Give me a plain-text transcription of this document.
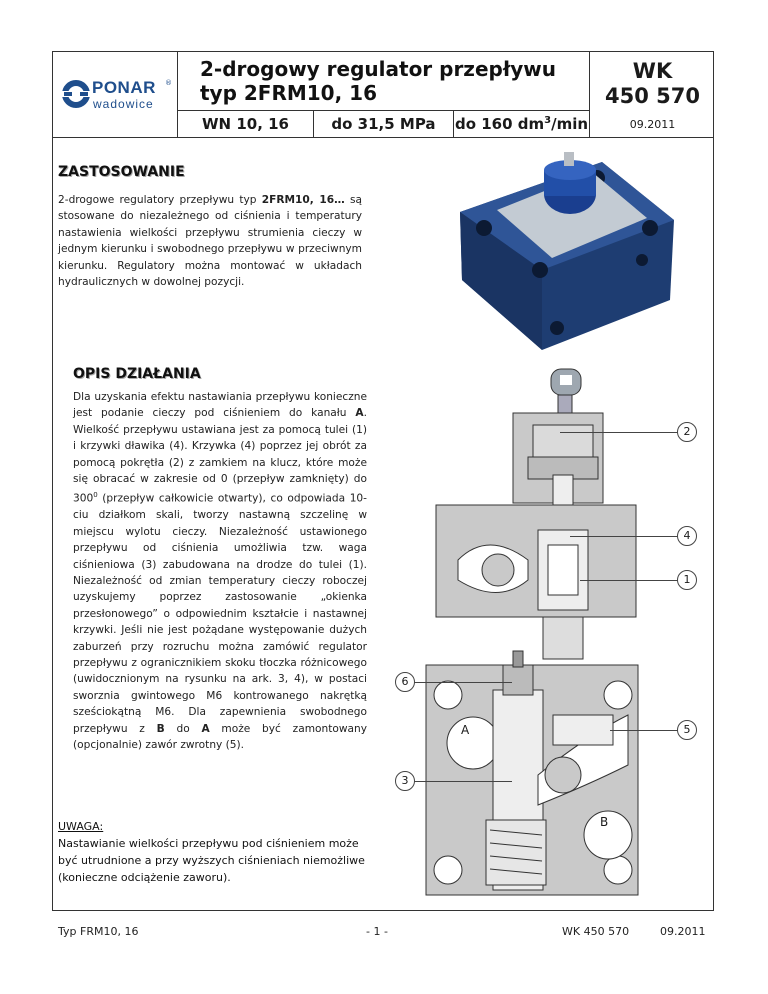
PONAR ®
wadowice
2-drogowy regulator przepływu
typ 2FRM10, 16
WK
450 570
09.2011
WN 10, 16	do 31,5 MPa	do 160 $dm^3/\min$
ZASTOSOWANIE
2-drogowe regulatory przepływu typ 2FRM10, 16… są stosowane do niezależnego od ciśnienia i temperatury nastawienia wielkości przepływu strumienia cieczy w jednym kierunku i swobodnego przepływu w przeciwnym kierunku. Regulatory można montować w układach hydraulicznych w dowolnej pozycji.
OPIS DZIAŁANIA
Dla uzyskania efektu nastawiania przepływu konieczne jest podanie cieczy pod ciśnieniem do kanału A. Wielkość przepływu ustawiana jest za pomocą tulei (1) i krzywki dławika (4). Krzywka (4) poprzez jej obrót za pomocą pokrętła (2) z zamkiem na klucz, które może się obracać w zakresie od 0 (przepływ zamknięty) do $300^0$ (przepływ całkowicie otwarty), co odpowiada 10-ciu działkom skali, tworzy nastawną szczelinę w miejscu wylotu cieczy. Niezależność ustawionego przepływu od ciśnienia umożliwia tzw. waga ciśnieniowa (3) zabudowana na drodze do tulei (1). Niezależność od zmian temperatury cieczy roboczej uzyskujemy poprzez zastosowanie „okienka przesłonowego” o odpowiednim kształcie i nastawnej krzywki. Jeśli nie jest pożądane występowanie dużych zaburzeń przy rozruchu można zamówić regulator przepływu z ogranicznikiem skoku tłoczka różnicowego (uwidocznionym na rysunku na ark. 3, 4), w postaci sworznia gwintowego M6 kontrowanego nakrętką sześciokątną M6. Dla zapewnienia swobodnego przepływu z B do A może być zamontowany (opcjonalnie) zawór zwrotny (5).
A
B
2
4
1
6
5
3
UWAGA:
Nastawianie wielkości przepływu pod ciśnieniem może być utrudnione a przy wyższych ciśnieniach niemożliwe (konieczne odciążenie zaworu).
Typ FRM10, 16	- 1 -	WK 450 570	09.2011
